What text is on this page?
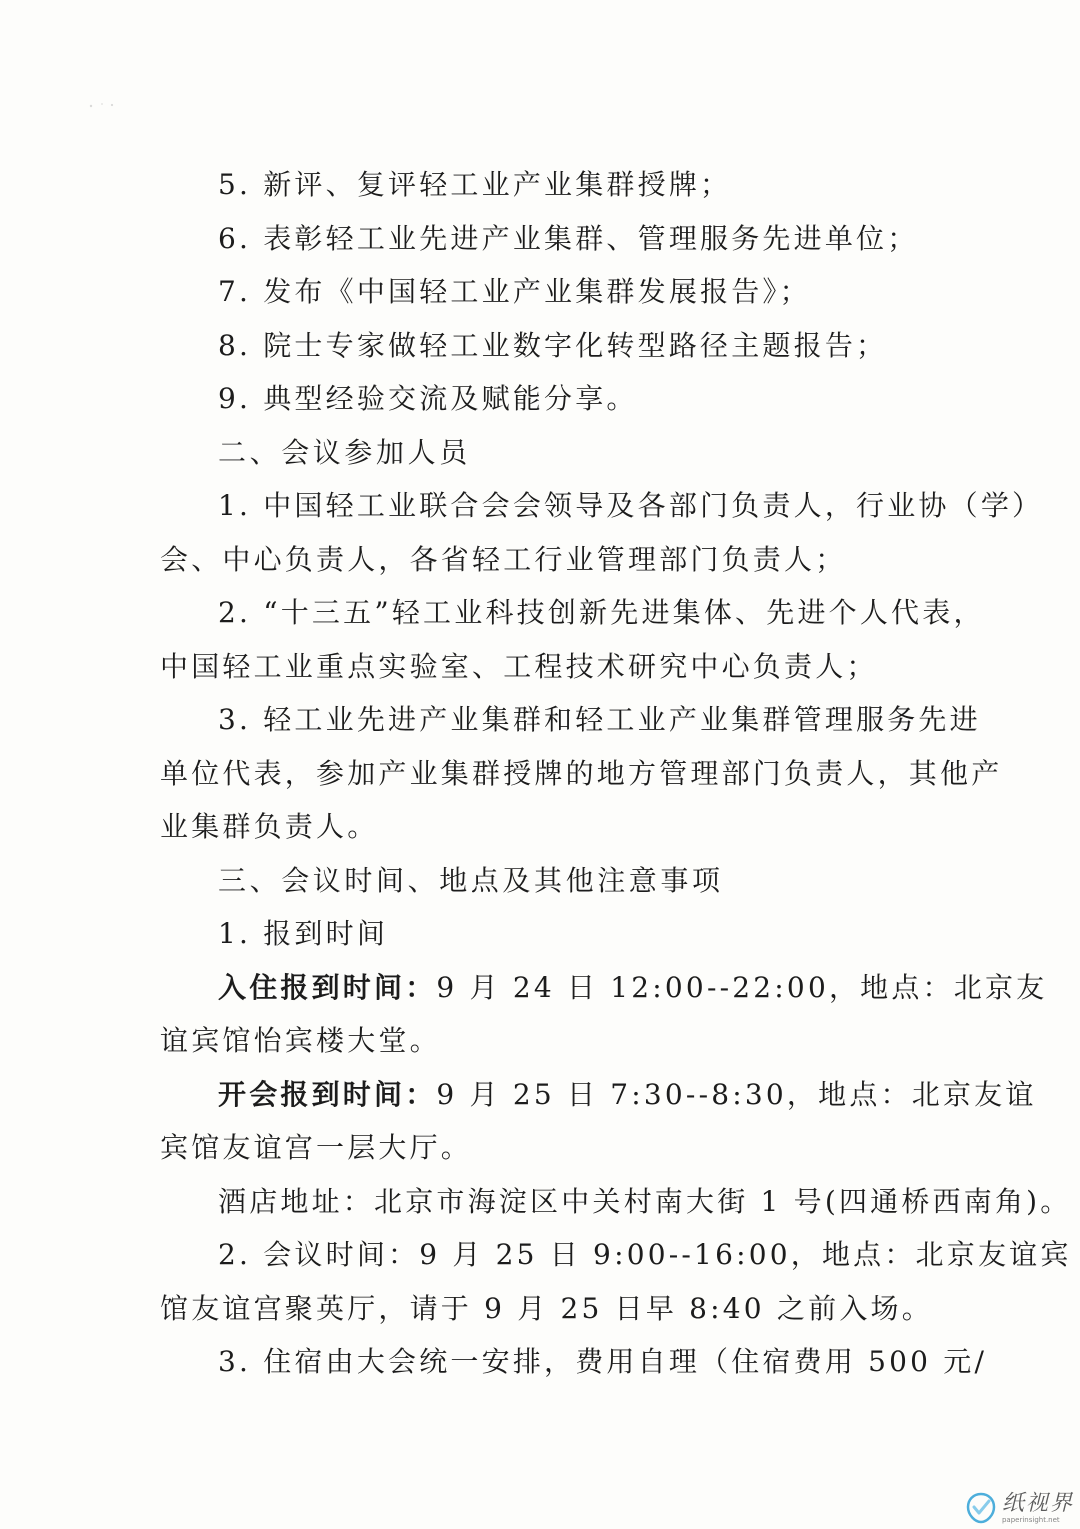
5. 新评、复评轻工业产业集群授牌；

6. 表彰轻工业先进产业集群、管理服务先进单位；

7. 发布《中国轻工业产业集群发展报告》；

8. 院士专家做轻工业数字化转型路径主题报告；

9. 典型经验交流及赋能分享。

二、会议参加人员

1. 中国轻工业联合会会领导及各部门负责人，行业协（学）

会、中心负责人，各省轻工行业管理部门负责人；

2. “十三五”轻工业科技创新先进集体、先进个人代表，

中国轻工业重点实验室、工程技术研究中心负责人；

3. 轻工业先进产业集群和轻工业产业集群管理服务先进

单位代表，参加产业集群授牌的地方管理部门负责人，其他产

业集群负责人。

三、会议时间、地点及其他注意事项

1. 报到时间

入住报到时间：9 月 24 日 12:00--22:00，地点：北京友

谊宾馆怡宾楼大堂。

开会报到时间：9 月 25 日 7:30--8:30，地点：北京友谊

宾馆友谊宫一层大厅。

酒店地址：北京市海淀区中关村南大街 1 号(四通桥西南角)。

2. 会议时间：9 月 25 日 9:00--16:00，地点：北京友谊宾

馆友谊宫聚英厅，请于 9 月 25 日早 8:40 之前入场。

3. 住宿由大会统一安排，费用自理（住宿费用 500 元/

纸视界
paperinsight.net
